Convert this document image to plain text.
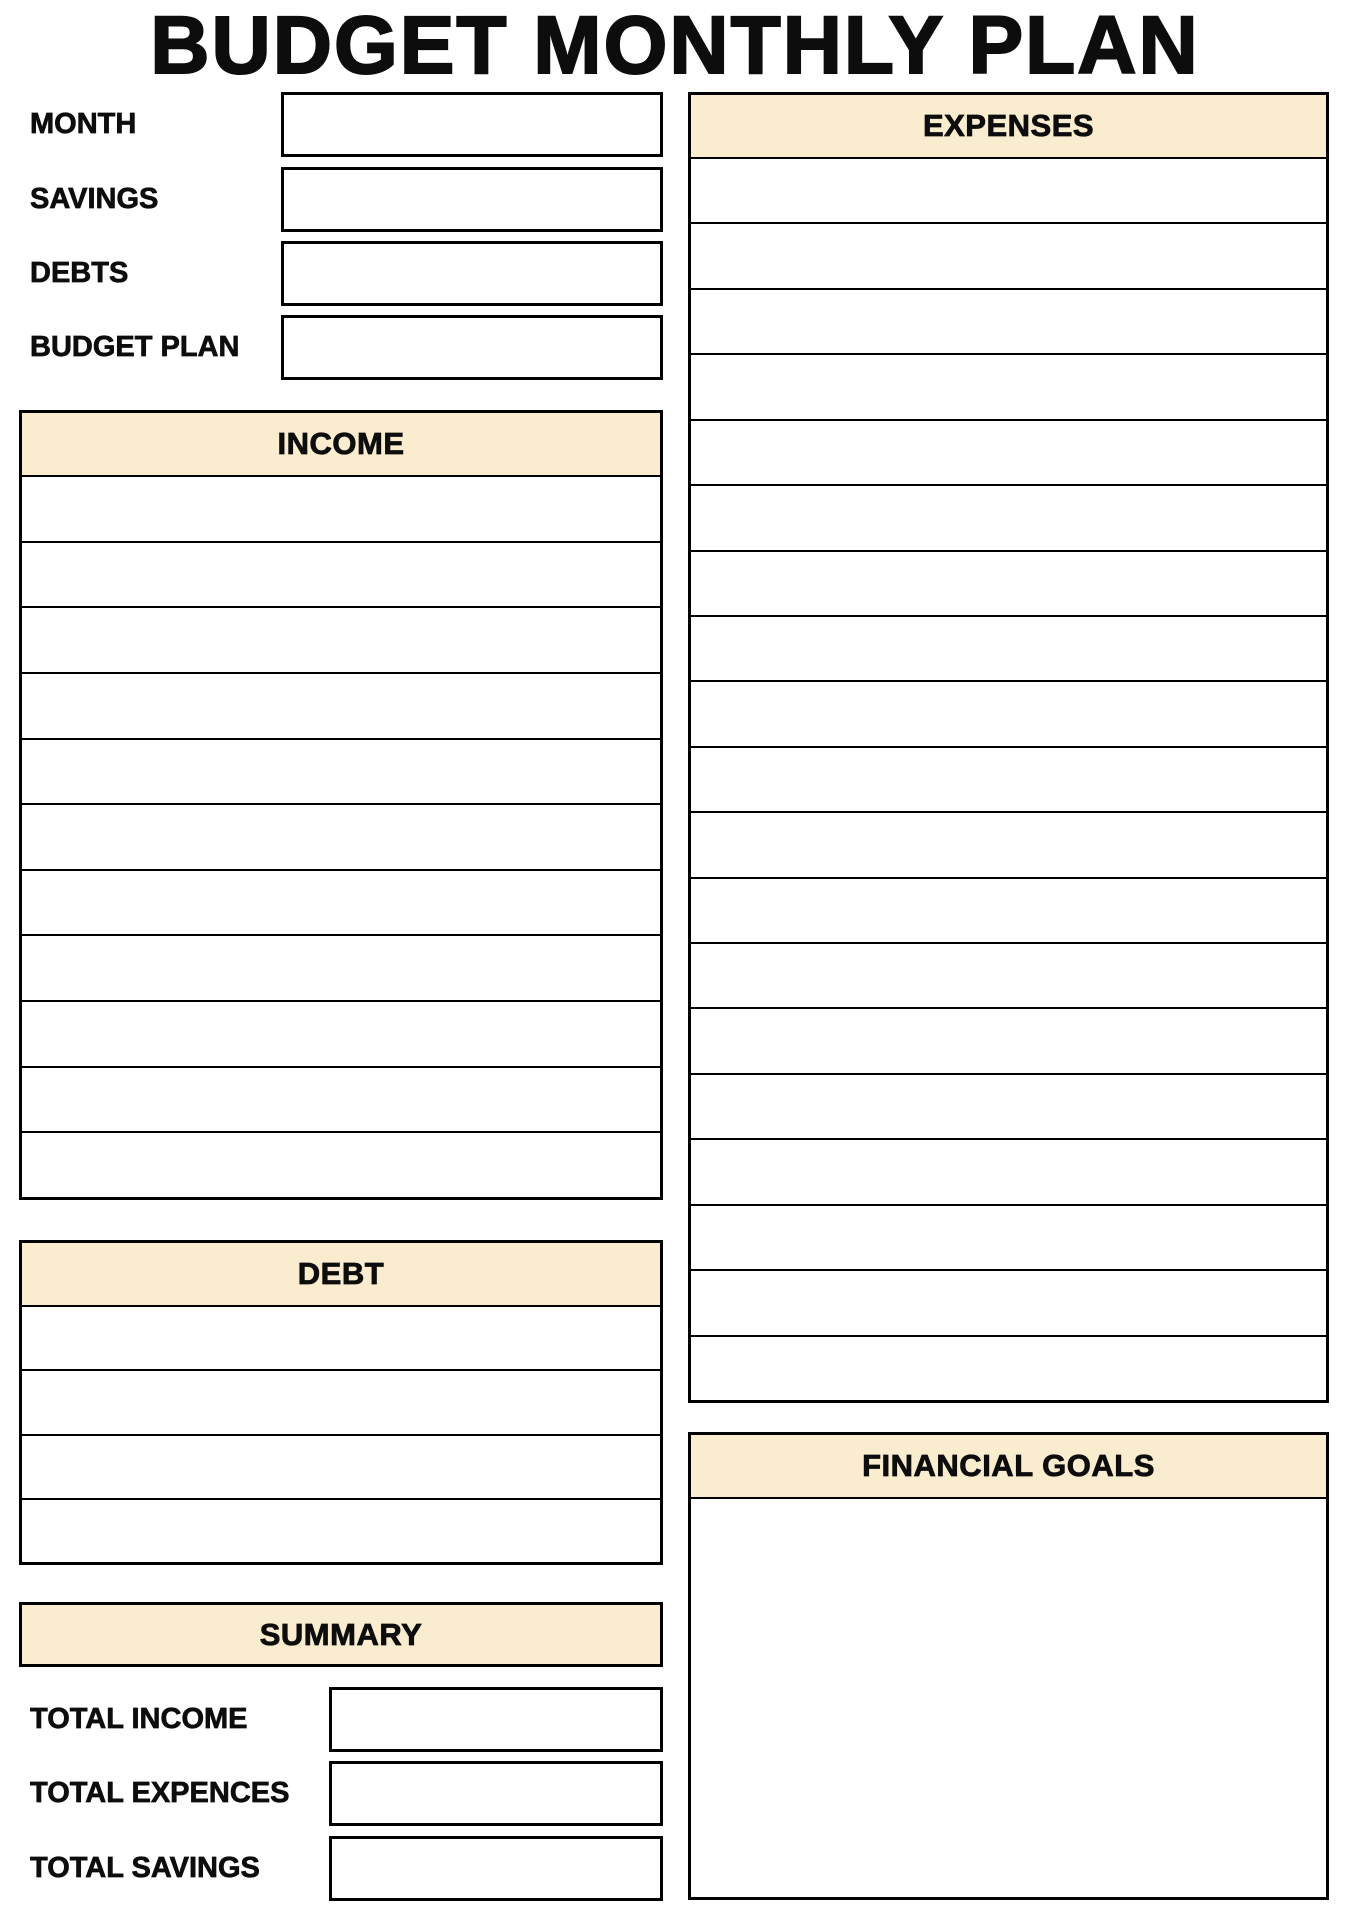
BUDGET MONTHLY PLAN
MONTH
SAVINGS
DEBTS
BUDGET PLAN
INCOME
DEBT
SUMMARY
TOTAL INCOME
TOTAL EXPENCES
TOTAL SAVINGS
EXPENSES
FINANCIAL GOALS
